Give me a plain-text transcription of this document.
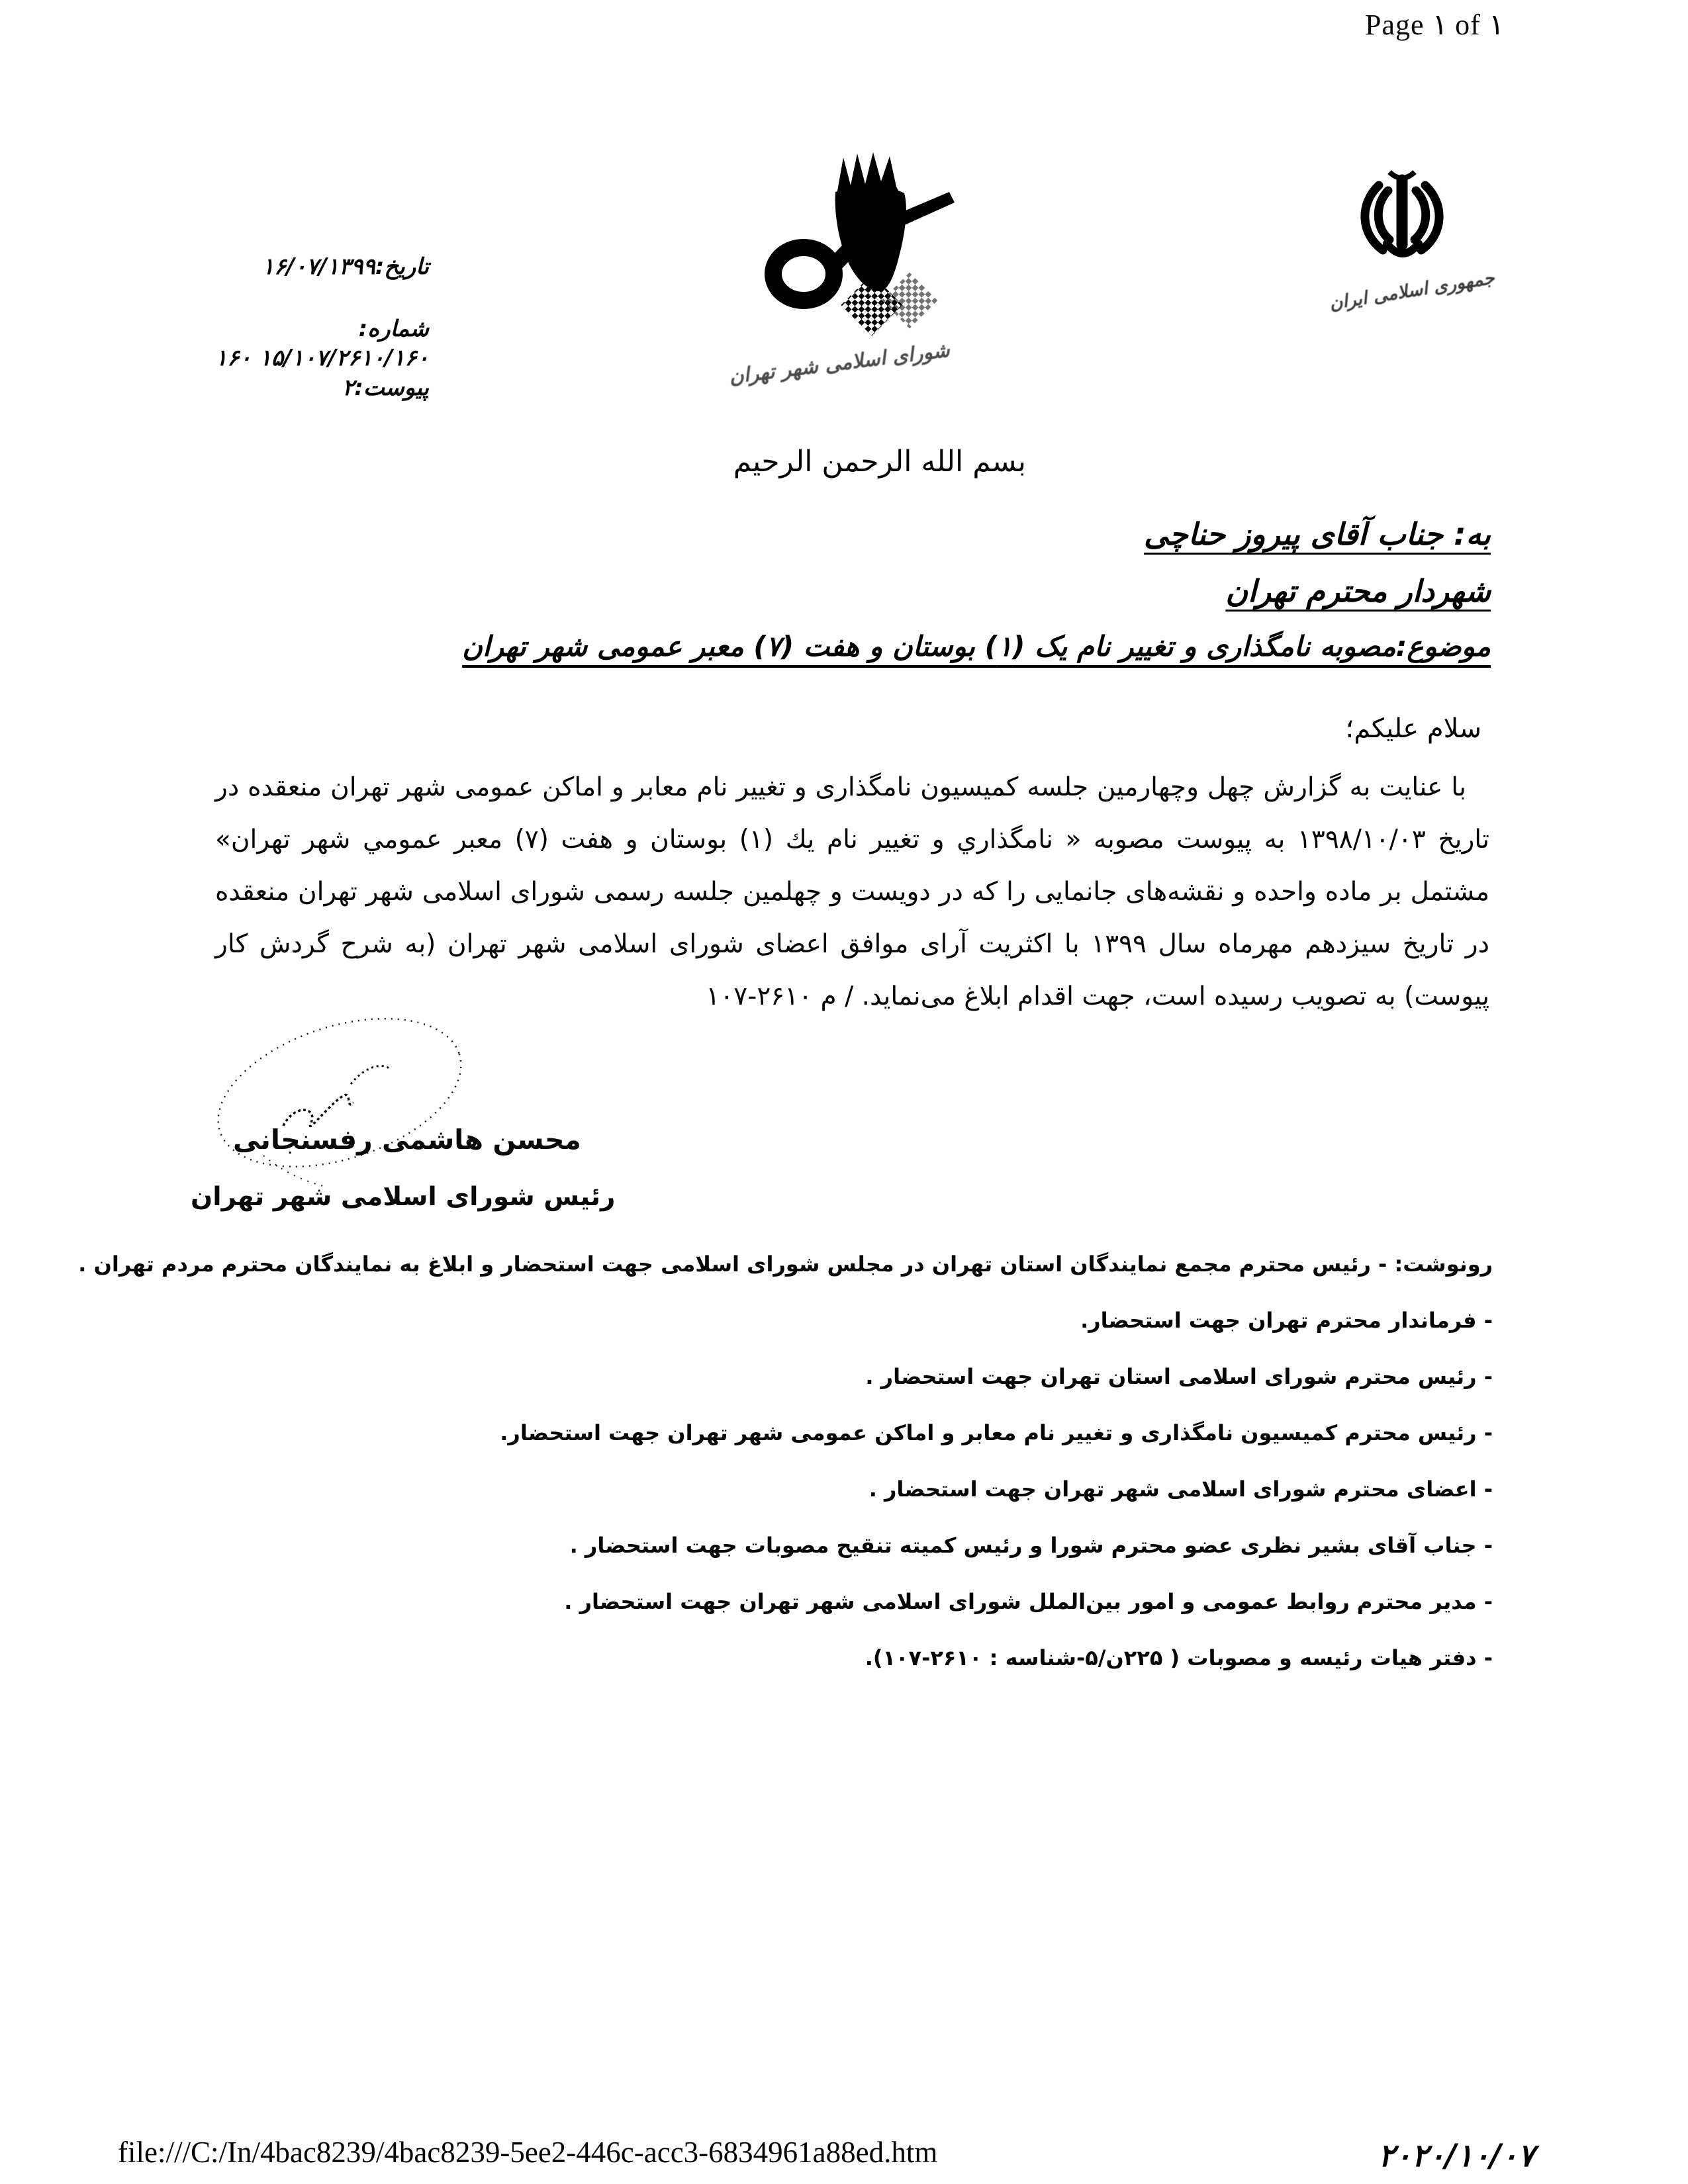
Page ١ of ١
تاریخ:۱۶/۰۷/۱۳۹۹
شماره:
۱۶۰ ۱۵/۱۰۷/۲۶۱۰/۱۶۰
پیوست:۲	شورای اسلامی شهر تهران
جمهوری اسلامی ایران
بسم الله الرحمن الرحیم
به: جناب آقای پیروز حناچی
شهردار محترم تهران
موضوع:مصوبه نامگذاری و تغییر نام یک (۱) بوستان و هفت (۷) معبر عمومی شهر تهران
سلام علیکم؛

با عنایت به گزارش چهل وچهارمین جلسه کمیسیون نامگذاری و تغییر نام معابر و اماکن عمومی شهر تهران منعقده در تاریخ ۱۳۹۸/۱۰/۰۳ به پیوست مصوبه « نامگذاري و تغییر نام یك (۱) بوستان و هفت (۷) معبر عمومي شهر تهران» مشتمل بر ماده واحده و نقشه‌های جانمایی را که در دویست و چهلمین جلسه رسمی شورای اسلامی شهر تهران منعقده در تاریخ سیزدهم مهرماه سال ۱۳۹۹ با اکثریت آرای موافق اعضای شورای اسلامی شهر تهران (به شرح گردش کار پیوست) به تصویب رسیده است، جهت اقدام ابلاغ می‌نماید. / م ۲۶۱۰-۱۰۷

محسن هاشمی رفسنجانی
رئیس شورای اسلامی شهر تهران
رونوشت: - رئیس محترم مجمع نمایندگان استان تهران در مجلس شورای اسلامی جهت استحضار و ابلاغ به نمایندگان محترم مردم تهران .
- فرماندار محترم تهران جهت استحضار.
- رئیس محترم شورای اسلامی استان تهران جهت استحضار .
- رئیس محترم کمیسیون نامگذاری و تغییر نام معابر و اماکن عمومی شهر تهران جهت استحضار.
- اعضای محترم شورای اسلامی شهر تهران جهت استحضار .
- جناب آقای بشیر نظری عضو محترم شورا و رئیس کمیته تنقیح مصوبات جهت استحضار .
- مدیر محترم روابط عمومی و امور بین‌الملل شورای اسلامی شهر تهران جهت استحضار .
- دفتر هیات رئیسه و مصوبات ( ۲۲۵ن/۵-شناسه : ۲۶۱۰-۱۰۷).
file:///C:/In/4bac8239/4bac8239-5ee2-446c-acc3-6834961a88ed.htm	۲۰۲۰/۱۰/۰۷
